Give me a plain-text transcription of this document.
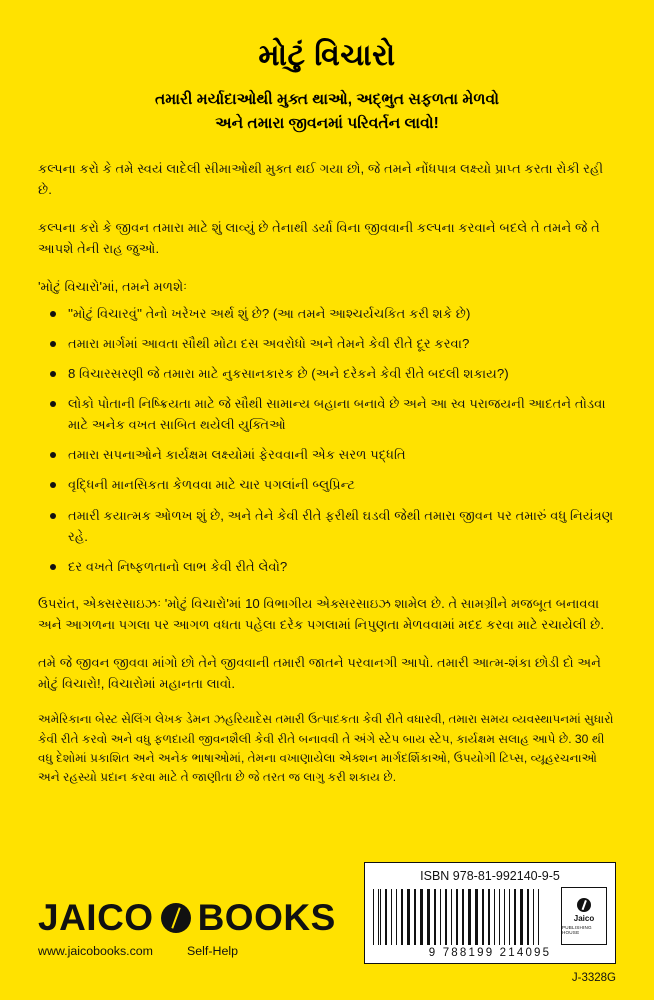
મોટું વિચારો
તમારી મર્યાદાઓથી મુક્ત થાઓ, અદ્ભુત સફળતા મેળવો
અને તમારા જીવનમાં પરિવર્તન લાવો!

કલ્પના કરો કે તમે સ્વયં લાદેલી સીમાઓથી મુક્ત થઈ ગયા છો, જે તમને નોંધપાત્ર લક્ષ્યો પ્રાપ્ત કરતા રોકી રહી છે.

કલ્પના કરો કે જીવન તમારા માટે શું લાવ્યું છે તેનાથી ડર્યા વિના જીવવાની કલ્પના કરવાને બદલે તે તમને જે તે આપશે તેની રાહ જુઓ.

'મોટું વિચારો'માં, તમને મળશેઃ

''મોટું વિચારવું'' તેનો ખરેખર અર્થ શું છે? (આ તમને આશ્ચર્યચકિત કરી શકે છે)
તમારા માર્ગમાં આવતા સૌથી મોટા દસ અવરોધો અને તેમને કેવી રીતે દૂર કરવા?
8 વિચારસરણી જે તમારા માટે નુકસાનકારક છે (અને દરેકને કેવી રીતે બદલી શકાય?)
લોકો પોતાની નિષ્ક્રિયતા માટે જે સૌથી સામાન્ય બહાના બનાવે છે અને આ સ્વ પરાજયની આદતને તોડવા માટે અનેક વખત સાબિત થયેલી યુક્તિઓ
તમારા સપનાઓને કાર્યક્ષમ લક્ષ્યોમાં ફેરવવાની એક સરળ પદ્ધતિ
વૃદ્ધિની માનસિકતા કેળવવા માટે ચાર પગલાંની બ્લુપ્રિન્ટ
તમારી કયાત્મક ઓળખ શું છે, અને તેને કેવી રીતે ફરીથી ઘડવી જેથી તમારા જીવન પર તમારું વધુ નિયંત્રણ રહે.
દર વખતે નિષ્ફળતાનો લાભ કેવી રીતે લેવો?

ઉપરાંત, એક્સરસાઇઝઃ 'મોટું વિચારો'માં 10 વિભાગીય એક્સરસાઇઝ શામેલ છે. તે સામગ્રીને મજબૂત બનાવવા અને આગળના પગલા પર આગળ વધતા પહેલા દરેક પગલામાં નિપુણતા મેળવવામાં મદદ કરવા માટે રચાયેલી છે.

તમે જે જીવન જીવવા માંગો છો તેને જીવવાની તમારી જાતને પરવાનગી આપો. તમારી આત્મ-શંકા છોડી દો અને મોટું વિચારો!, વિચારોમાં મહાનતા લાવો.

અમેરિકાના બેસ્ટ સેલિંગ લેખક ડેમન ઝહરિયાદેસ તમારી ઉત્પાદકતા કેવી રીતે વધારવી, તમારા સમય વ્યવસ્થાપનમાં સુધારો કેવી રીતે કરવો અને વધુ ફળદાયી જીવનશૈલી કેવી રીતે બનાવવી તે અંગે સ્ટેપ બાય સ્ટેપ, કાર્યક્ષમ સલાહ આપે છે. 30 થી વધુ દેશોમાં પ્રકાશિત અને અનેક ભાષાઓમાં, તેમના વખાણાયેલા એક્શન માર્ગદર્શિકાઓ, ઉપયોગી ટિપ્સ, વ્યૂહરચનાઓ અને રહસ્યો પ્રદાન કરવા માટે તે જાણીતા છે જે તરત જ લાગુ કરી શકાય છે.

JAICO BOOKS
www.jaicobooks.com	Self-Help
ISBN 978-81-992140-9-5
Jaico
PUBLISHING HOUSE
9 788199 214095
J-3328G
